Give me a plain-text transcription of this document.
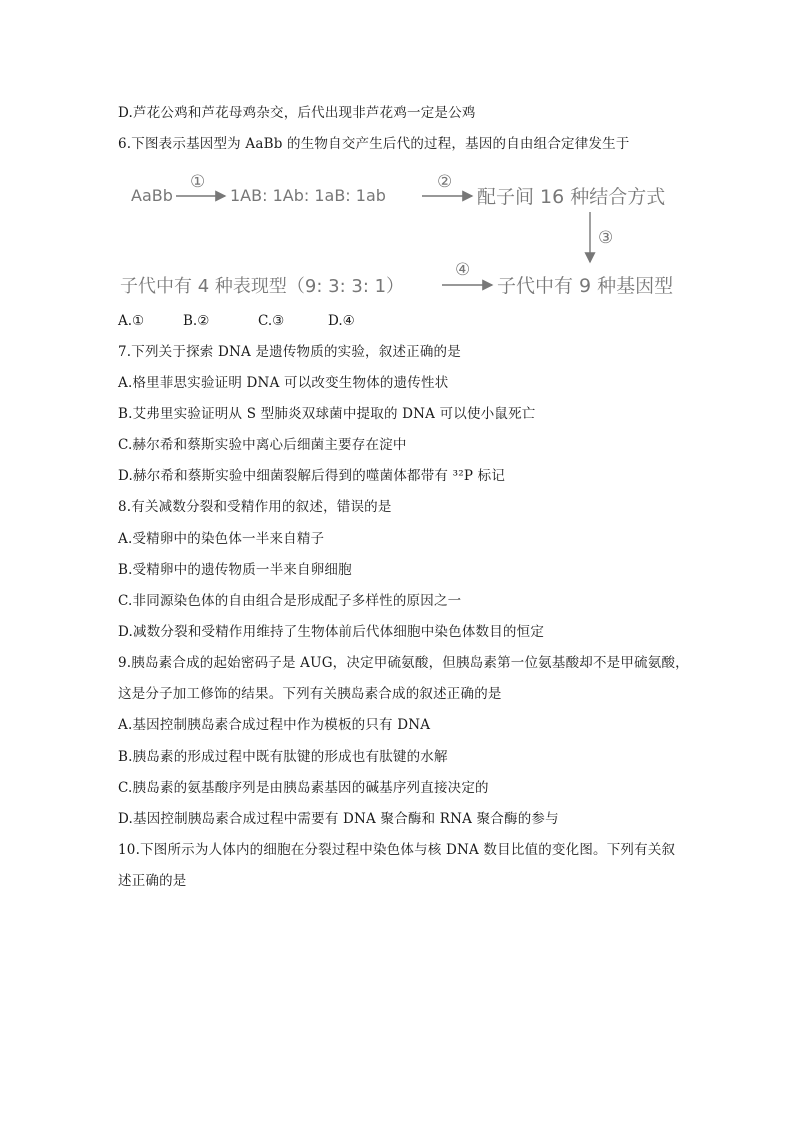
D.芦花公鸡和芦花母鸡杂交，后代出现非芦花鸡一定是公鸡
6.下图表示基因型为 AaBb 的生物自交产生后代的过程，基因的自由组合定律发生于
AaBb
①
1AB: 1Ab: 1aB: 1ab
②
配子间 16 种结合方式
③
子代中有 4 种表现型（9: 3: 3: 1）
④
子代中有 9 种基因型
A.①	B.②	C.③	D.④
7.下列关于探索 DNA 是遗传物质的实验，叙述正确的是
A.格里菲思实验证明 DNA 可以改变生物体的遗传性状
B.艾弗里实验证明从 S 型肺炎双球菌中提取的 DNA 可以使小鼠死亡
C.赫尔希和蔡斯实验中离心后细菌主要存在淀中
D.赫尔希和蔡斯实验中细菌裂解后得到的噬菌体都带有 ³²P 标记
8.有关减数分裂和受精作用的叙述，错误的是
A.受精卵中的染色体一半来自精子
B.受精卵中的遗传物质一半来自卵细胞
C.非同源染色体的自由组合是形成配子多样性的原因之一
D.减数分裂和受精作用维持了生物体前后代体细胞中染色体数目的恒定
9.胰岛素合成的起始密码子是 AUG，决定甲硫氨酸，但胰岛素第一位氨基酸却不是甲硫氨酸，
这是分子加工修饰的结果。下列有关胰岛素合成的叙述正确的是
A.基因控制胰岛素合成过程中作为模板的只有 DNA
B.胰岛素的形成过程中既有肽键的形成也有肽键的水解
C.胰岛素的氨基酸序列是由胰岛素基因的碱基序列直接决定的
D.基因控制胰岛素合成过程中需要有 DNA 聚合酶和 RNA 聚合酶的参与
10.下图所示为人体内的细胞在分裂过程中染色体与核 DNA 数目比值的变化图。下列有关叙
述正确的是
